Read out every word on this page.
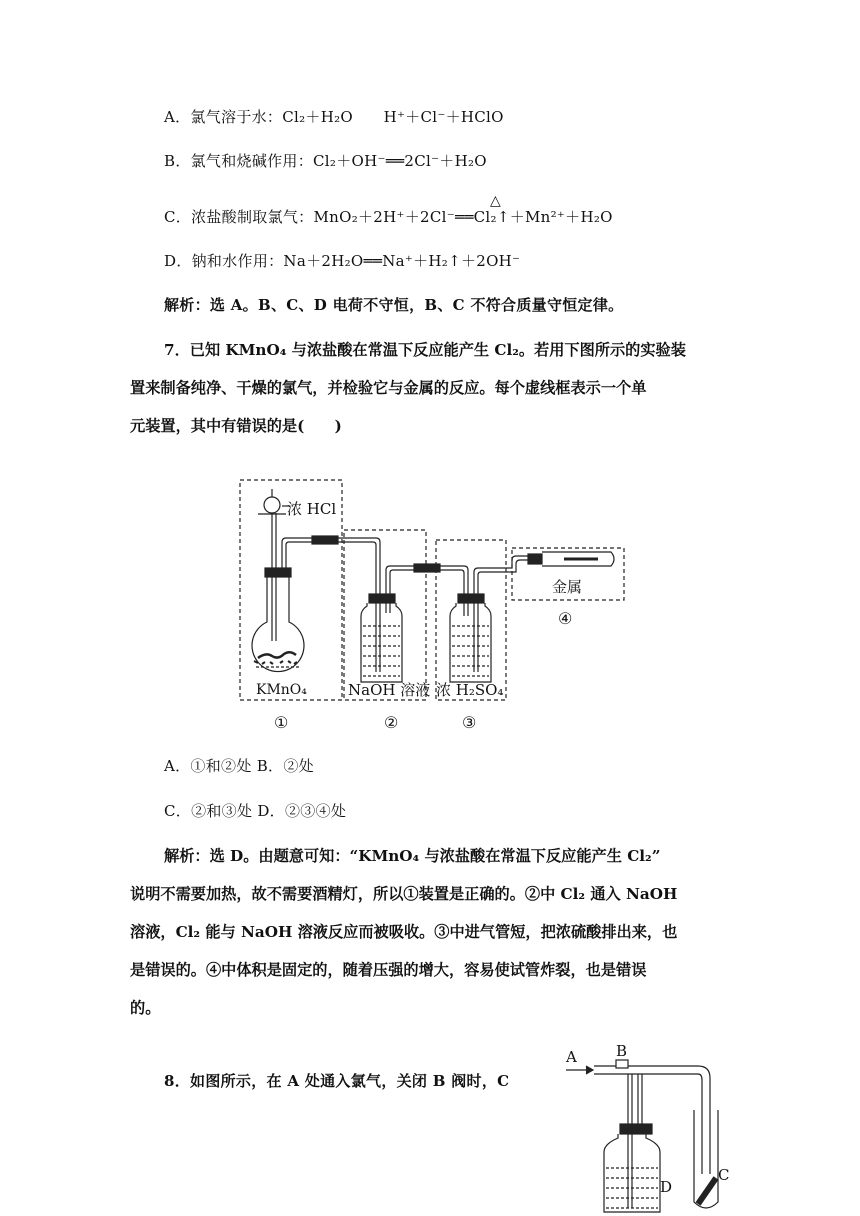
A．氯气溶于水：Cl₂＋H₂O　　H⁺＋Cl⁻＋HClO
B．氯气和烧碱作用：Cl₂＋OH⁻══2Cl⁻＋H₂O
C．浓盐酸制取氯气：MnO₂＋2H⁺＋2Cl⁻══Cl₂↑＋Mn²⁺＋H₂O
△
D．钠和水作用：Na＋2H₂O══Na⁺＋H₂↑＋2OH⁻
解析：选 A。B、C、D 电荷不守恒，B、C 不符合质量守恒定律。

7．已知 KMnO₄ 与浓盐酸在常温下反应能产生 Cl₂。若用下图所示的实验装

置来制备纯净、干燥的氯气，并检验它与金属的反应。每个虚线框表示一个单

元装置，其中有错误的是(　　)

浓 HCl
KMnO₄	NaOH 溶液 浓 H₂SO₄
金属
④
①	②	③
A．①和②处 B．②处
C．②和③处 D．②③④处

解析：选 D。由题意可知：“KMnO₄ 与浓盐酸在常温下反应能产生 Cl₂”

说明不需要加热，故不需要酒精灯，所以①装置是正确的。②中 Cl₂ 通入 NaOH

溶液，Cl₂ 能与 NaOH 溶液反应而被吸收。③中进气管短，把浓硫酸排出来，也

是错误的。④中体积是固定的，随着压强的增大，容易使试管炸裂，也是错误

的。

8．如图所示，在 A 处通入氯气，关闭 B 阀时，C
A	B
C
D
